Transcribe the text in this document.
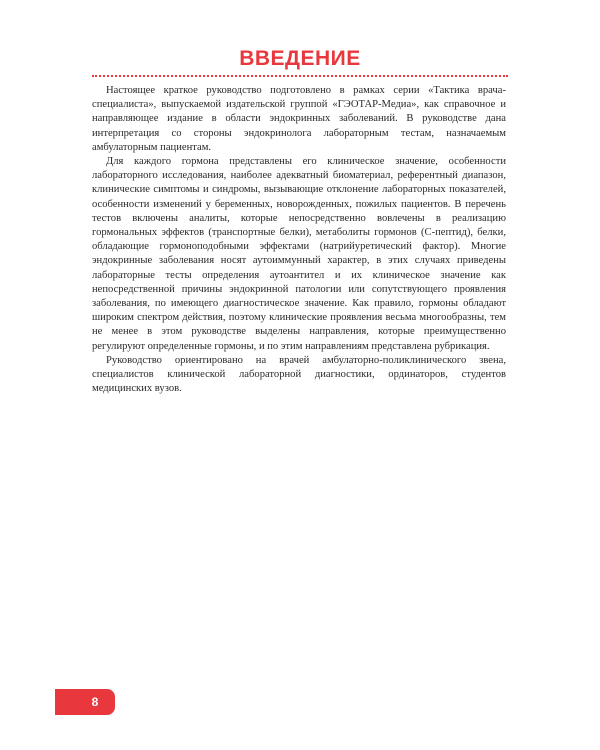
ВВЕДЕНИЕ

Настоящее краткое руководство подготовлено в рамках серии «Тактика врача-специалиста», выпускаемой издательской группой «ГЭОТАР-Медиа», как справочное и направляющее издание в области эндокринных заболеваний. В руководстве дана интерпретация со стороны эндокринолога лабораторным тестам, назначаемым амбулаторным пациентам.

Для каждого гормона представлены его клиническое значение, особенности лабораторного исследования, наиболее адекватный биоматериал, референтный диапазон, клинические симптомы и синдромы, вызывающие отклонение лабораторных показателей, особенности изменений у беременных, новорожденных, пожилых пациентов. В перечень тестов включены аналиты, которые непосредственно вовлечены в реализацию гормональных эффектов (транспортные белки), метаболиты гормонов (С-пептид), белки, обладающие гормоноподобными эффектами (натрийуретический фактор). Многие эндокринные заболевания носят аутоиммунный характер, в этих случаях приведены лабораторные тесты определения аутоантител и их клиническое значение как непосредственной причины эндокринной патологии или сопутствующего проявления заболевания, по имеющего диагностическое значение. Как правило, гормоны обладают широким спектром действия, поэтому клинические проявления весьма многообразны, тем не менее в этом руководстве выделены направления, которые преимущественно регулируют определенные гормоны, и по этим направлениям представлена рубрикация.

Руководство ориентировано на врачей амбулаторно-поликлинического звена, специалистов клинической лабораторной диагностики, ординаторов, студентов медицинских вузов.

8
